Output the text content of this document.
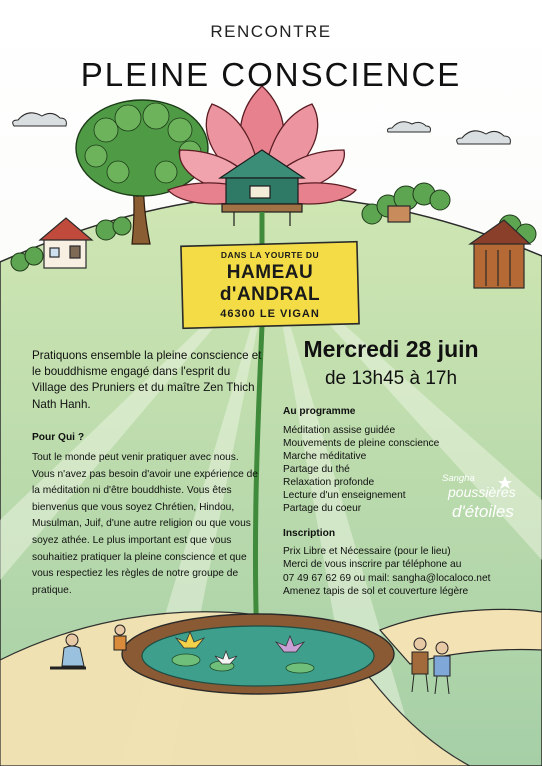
RENCONTRE
PLEINE CONSCIENCE
DANS LA YOURTE DU
HAMEAU d'ANDRAL
46300 LE VIGAN
Pratiquons ensemble la pleine conscience et le bouddhisme engagé dans l'esprit du Village des Pruniers et du maître Zen Thich Nath Hanh.
Pour Qui ?
Tout le monde peut venir pratiquer avec nous. Vous n'avez pas besoin d'avoir une expérience de la méditation ni d'être bouddhiste. Vous êtes bienvenus que vous soyez Chrétien, Hindou, Musulman, Juif, d'une autre religion ou que vous soyez athée. Le plus important est que vous souhaitiez pratiquer la pleine conscience et que vous respectiez les règles de notre groupe de pratique.
Mercredi 28 juin
de 13h45 à 17h
Au programme
Méditation assise guidée
Mouvements de pleine conscience
Marche méditative
Partage du thé
Relaxation profonde
Lecture d'un enseignement
Partage du coeur
Inscription
Prix Libre et Nécessaire (pour le lieu)
Merci de vous inscrire par téléphone au
07 49 67 62 69 ou mail: sangha@localoco.net
Amenez tapis de sol et couverture légère
Sangha
poussières
d'étoiles
